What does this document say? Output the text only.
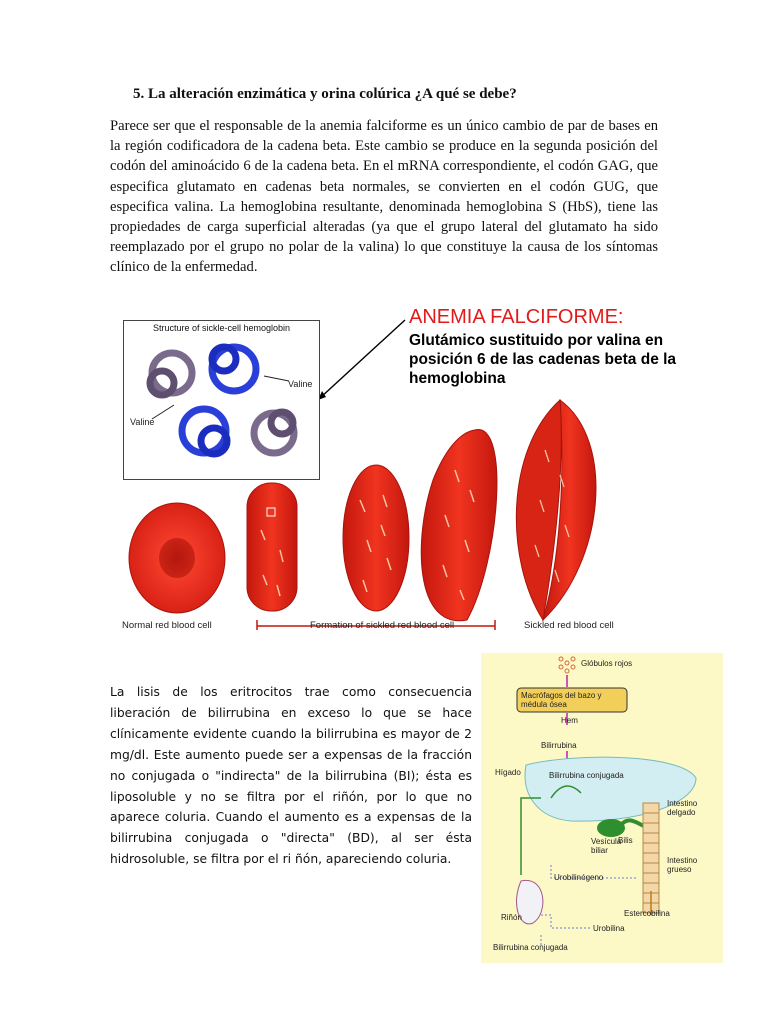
5. La alteración enzimática y orina colúrica ¿A qué se debe?
Parece ser que el responsable de la anemia falciforme es un único cambio de par de bases en la región codificadora de la cadena beta. Este cambio se produce en la segunda posición del codón del aminoácido 6 de la cadena beta. En el mRNA correspondiente, el codón GAG, que especifica glutamato en cadenas beta normales, se convierten en el codón GUG, que especifica valina. La hemoglobina resultante, denominada hemoglobina S (HbS), tiene las propiedades de carga superficial alteradas (ya que el grupo lateral del glutamato ha sido reemplazado por el grupo no polar de la valina) lo que constituye la causa de los síntomas clínico de la enfermedad.
ANEMIA FALCIFORME:
Glutámico sustituido por valina en posición 6 de las cadenas beta de la hemoglobina
Structure of sickle-cell hemoglobin
Valine
Valine
Normal red blood cell	Formation of sickled red blood cell	Sickled red blood cell
La lisis de los eritrocitos trae como consecuencia liberación de bilirrubina en exceso lo que se hace clínicamente evidente cuando la bilirrubina es mayor de 2 mg/dl. Este aumento puede ser a expensas de la fracción no conjugada o "indirecta" de la bilirrubina (BI); ésta es liposoluble y no se filtra por el riñón, por lo que no aparece coluria. Cuando el aumento es a expensas de la bilirrubina conjugada o "directa" (BD), al ser ésta hidrosoluble, se filtra por el ri ñón, apareciendo coluria.
Glóbulos rojos
Macrófagos del bazo y médula ósea
Hem
Bilirrubina
Hígado	Bilirrubina conjugada
Intestino delgado
Vesícula biliar
Bilis
Intestino grueso
Urobilinógeno
Estercobilina
Riñón
Urobilina
Bilirrubina conjugada
